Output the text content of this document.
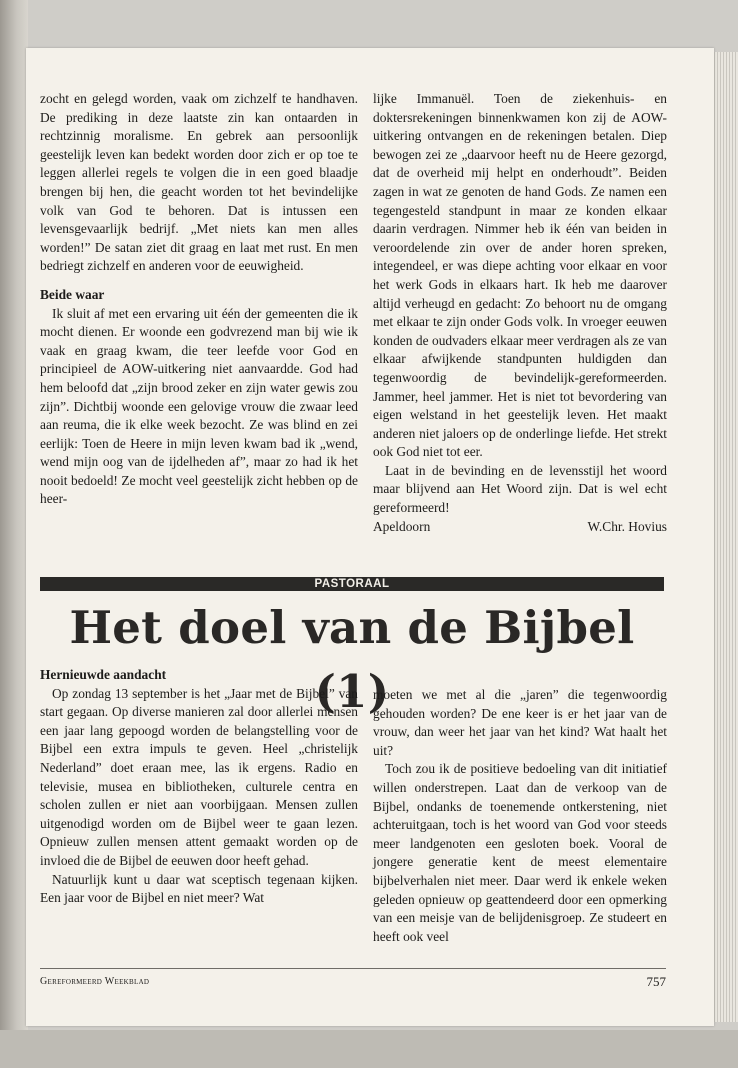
zocht en gelegd worden, vaak om zichzelf te handhaven. De prediking in deze laatste zin kan ontaarden in rechtzinnig moralisme. En gebrek aan persoonlijk geestelijk leven kan bedekt worden door zich er op toe te leggen allerlei regels te volgen die in een goed blaadje brengen bij hen, die geacht worden tot het bevindelijke volk van God te behoren. Dat is intussen een levensgevaarlijk bedrijf. „Met niets kan men alles worden!” De satan ziet dit graag en laat met rust. En men bedriegt zichzelf en anderen voor de eeuwigheid.

Beide waar

Ik sluit af met een ervaring uit één der gemeenten die ik mocht dienen. Er woonde een godvrezend man bij wie ik vaak en graag kwam, die teer leefde voor God en principieel de AOW-uitkering niet aanvaardde. God had hem beloofd dat „zijn brood zeker en zijn water gewis zou zijn”. Dichtbij woonde een gelovige vrouw die zwaar leed aan reuma, die ik elke week bezocht. Ze was blind en zei eerlijk: Toen de Heere in mijn leven kwam bad ik „wend, wend mijn oog van de ijdelheden af”, maar zo had ik het nooit bedoeld! Ze mocht veel geestelijk zicht hebben op de heer-

lijke Immanuël. Toen de ziekenhuis- en doktersrekeningen binnenkwamen kon zij de AOW-uitkering ontvangen en de rekeningen betalen. Diep bewogen zei ze „daarvoor heeft nu de Heere gezorgd, dat de overheid mij helpt en onderhoudt”. Beiden zagen in wat ze genoten de hand Gods. Ze namen een tegengesteld standpunt in maar ze konden elkaar daarin verdragen. Nimmer heb ik één van beiden in veroordelende zin over de ander horen spreken, integendeel, er was diepe achting voor elkaar en voor het werk Gods in elkaars hart. Ik heb me daarover altijd verheugd en gedacht: Zo behoort nu de omgang met elkaar te zijn onder Gods volk. In vroeger eeuwen konden de oudvaders elkaar meer verdragen als ze van elkaar afwijkende standpunten huldigden dan tegenwoordig de bevindelijk-gereformeerden. Jammer, heel jammer. Het is niet tot bevordering van eigen welstand in het geestelijk leven. Het maakt anderen niet jaloers op de onderlinge liefde. Het strekt ook God niet tot eer.

Laat in de bevinding en de levensstijl het woord maar blijvend aan Het Woord zijn. Dat is wel echt gereformeerd!

Apeldoorn	W.Chr. Hovius
PASTORAAL
Het doel van de Bijbel (1)

Hernieuwde aandacht

Op zondag 13 september is het „Jaar met de Bijbel” van start gegaan. Op diverse manieren zal door allerlei mensen een jaar lang gepoogd worden de belangstelling voor de Bijbel een extra impuls te geven. Heel „christelijk Nederland” doet eraan mee, las ik ergens. Radio en televisie, musea en bibliotheken, culturele centra en scholen zullen er niet aan voorbijgaan. Mensen zullen uitgenodigd worden om de Bijbel weer te gaan lezen. Opnieuw zullen mensen attent gemaakt worden op de invloed die de Bijbel de eeuwen door heeft gehad.

Natuurlijk kunt u daar wat sceptisch tegenaan kijken. Een jaar voor de Bijbel en niet meer? Wat

moeten we met al die „jaren” die tegenwoordig gehouden worden? De ene keer is er het jaar van de vrouw, dan weer het jaar van het kind? Wat haalt het uit?

Toch zou ik de positieve bedoeling van dit initiatief willen onderstrepen. Laat dan de verkoop van de Bijbel, ondanks de toenemende ontkerstening, niet achteruitgaan, toch is het woord van God voor steeds meer landgenoten een gesloten boek. Vooral de jongere generatie kent de meest elementaire bijbelverhalen niet meer. Daar werd ik enkele weken geleden opnieuw op geattendeerd door een opmerking van een meisje van de belijdenisgroep. Ze studeert en heeft ook veel

Gereformeerd Weekblad	757
